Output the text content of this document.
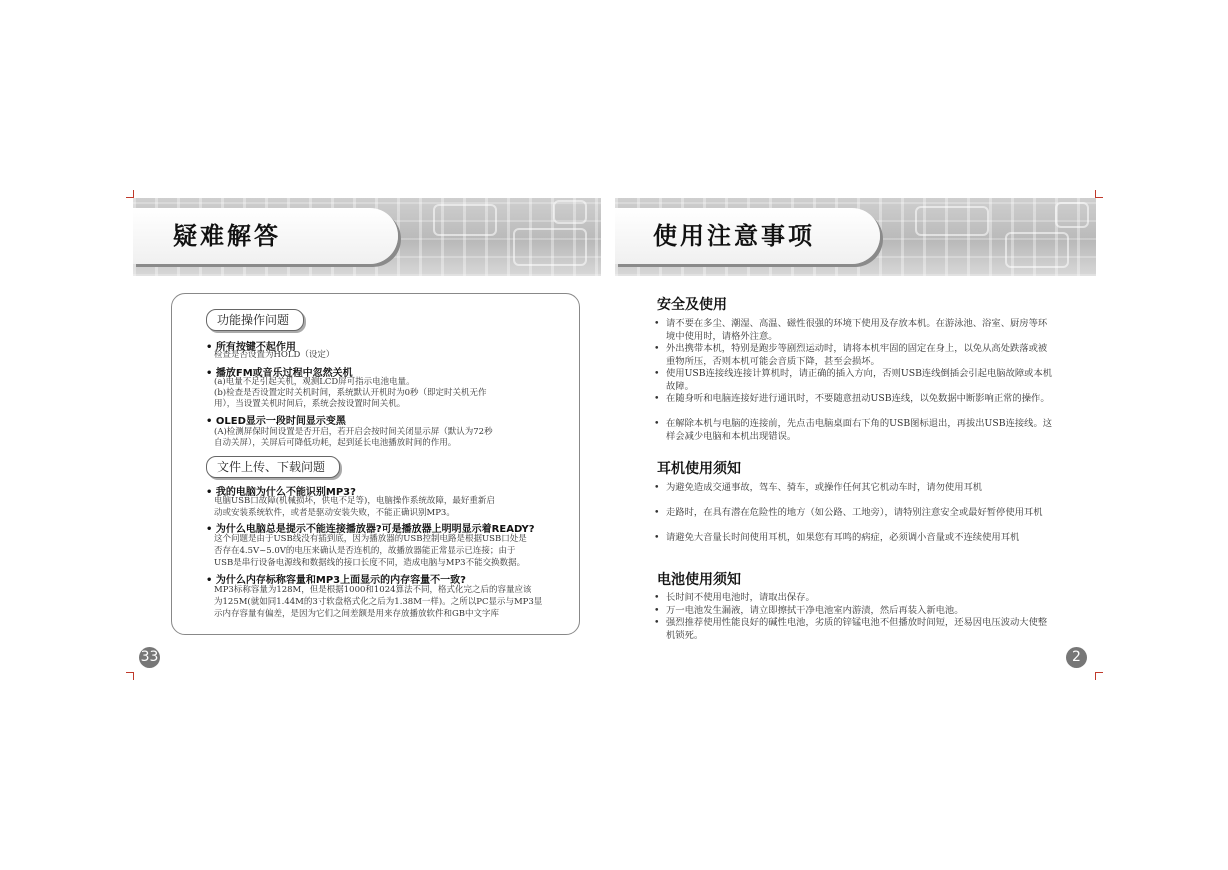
疑难解答	使用注意事项
功能操作问题
• 所有按键不起作用
检查是否设置为HOLD（设定）
• 播放FM或音乐过程中忽然关机
(a)电量不足引起关机，观测LCD屏可指示电池电量。
(b)检查是否设置定时关机时间，系统默认开机时为0秒（即定时关机无作
用），当设置关机时间后，系统会按设置时间关机。
• OLED显示一段时间显示变黑
(A)检测屏保时间设置是否开启，若开启会按时间关闭显示屏（默认为72秒
自动关屏），关屏后可降低功耗，起到延长电池播放时间的作用。
文件上传、下载问题
• 我的电脑为什么不能识别MP3?
电脑USB口故障(机械损坏，供电不足等)，电脑操作系统故障，最好重新启
动或安装系统软件，或者是驱动安装失败，不能正确识别MP3。
• 为什么电脑总是提示不能连接播放器?可是播放器上明明显示着READY?
这个问题是由于USB线没有插到底，因为播放器的USB控制电路是根据USB口处是
否存在4.5V~5.0V的电压来确认是否连机的，故播放器能正常显示已连接；由于
USB是串行设备电源线和数据线的接口长度不同，造成电脑与MP3不能交换数据。
• 为什么内存标称容量和MP3上面显示的内存容量不一致?
MP3标称容量为128M，但是根据1000和1024算法不同，格式化完之后的容量应该
为125M(就如同1.44M的3寸软盘格式化之后为1.38M一样)。之所以PC显示与MP3显
示内存容量有偏差，是因为它们之间差额是用来存放播放软件和GB中文字库
安全及使用
• 请不要在多尘、潮湿、高温、磁性很强的环境下使用及存放本机。在游泳池、浴室、厨房等环境中使用时，请格外注意。
• 外出携带本机，特别是跑步等剧烈运动时，请将本机牢固的固定在身上，以免从高处跌落或被重物所压，否则本机可能会音质下降，甚至会损坏。
• 使用USB连接线连接计算机时，请正确的插入方向，否则USB连线倒插会引起电脑故障或本机故障。
• 在随身听和电脑连接好进行通讯时，不要随意扭动USB连线，以免数据中断影响正常的操作。
• 在解除本机与电脑的连接前，先点击电脑桌面右下角的USB图标退出，再拔出USB连接线。这样会减少电脑和本机出现错误。
耳机使用须知
• 为避免造成交通事故，驾车、骑车，或操作任何其它机动车时，请勿使用耳机
• 走路时，在具有潜在危险性的地方（如公路、工地旁），请特别注意安全或最好暂停使用耳机
• 请避免大音量长时间使用耳机，如果您有耳鸣的病症，必须调小音量或不连续使用耳机
电池使用须知
• 长时间不使用电池时，请取出保存。
• 万一电池发生漏液，请立即擦拭干净电池室内游渍，然后再装入新电池。
• 强烈推荐使用性能良好的碱性电池，劣质的锌锰电池不但播放时间短，还易因电压波动大使整机锁死。
33	2
